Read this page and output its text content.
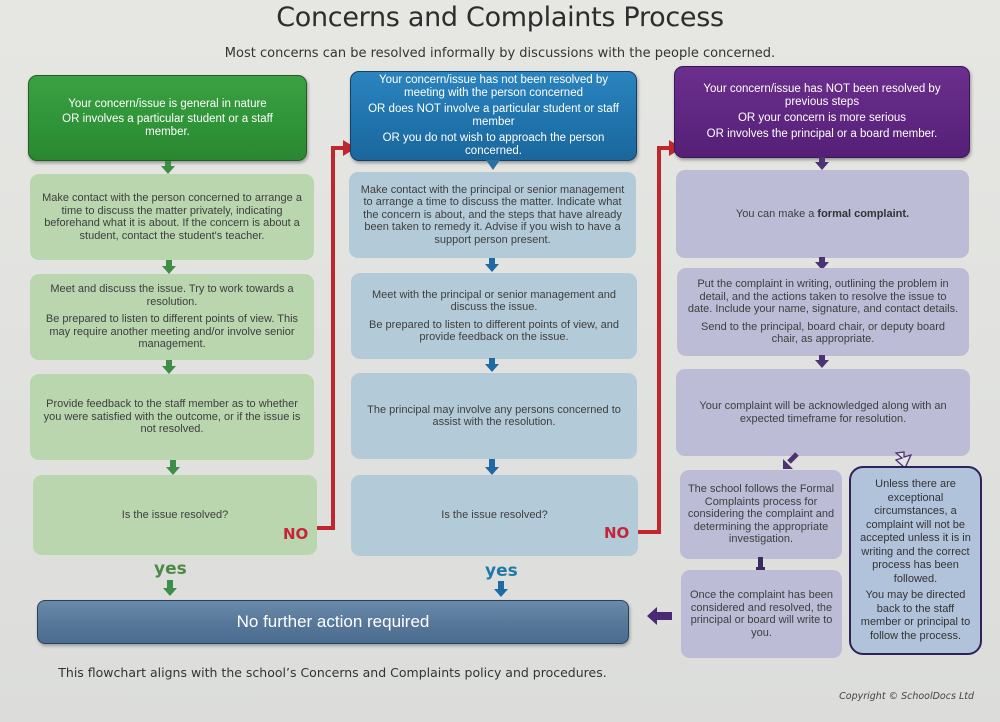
Concerns and Complaints Process
Most concerns can be resolved informally by discussions with the people concerned.

Your concern/issue is general in nature

OR involves a particular student or a staff member.

Make contact with the person concerned to arrange a time to discuss the matter privately, indicating beforehand what it is about. If the concern is about a student, contact the student's teacher.

Meet and discuss the issue. Try to work towards a resolution.

Be prepared to listen to different points of view. This may require another meeting and/or involve senior management.

Provide feedback to the staff member as to whether you were satisfied with the outcome, or if the issue is not resolved.

Is the issue resolved?

NO
yes

Your concern/issue has not been resolved by meeting with the person concerned

OR does NOT involve a particular student or staff member

OR you do not wish to approach the person concerned.

Make contact with the principal or senior management to arrange a time to discuss the matter. Indicate what the concern is about, and the steps that have already been taken to remedy it. Advise if you wish to have a support person present.

Meet with the principal or senior management and discuss the issue.

Be prepared to listen to different points of view, and provide feedback on the issue.

The principal may involve any persons concerned to assist with the resolution.

Is the issue resolved?

NO
yes

Your concern/issue has NOT been resolved by previous steps

OR your concern is more serious

OR involves the principal or a board member.

You can make a formal complaint.

Put the complaint in writing, outlining the problem in detail, and the actions taken to resolve the issue to date. Include your name, signature, and contact details.

Send to the principal, board chair, or deputy board chair, as appropriate.

Your complaint will be acknowledged along with an expected timeframe for resolution.

The school follows the Formal Complaints process for considering the complaint and determining the appropriate investigation.

Once the complaint has been considered and resolved, the principal or board will write to you.

Unless there are exceptional circumstances, a complaint will not be accepted unless it is in writing and the correct process has been followed.

You may be directed back to the staff member or principal to follow the process.

No further action required
This flowchart aligns with the school’s Concerns and Complaints policy and procedures.
Copyright © SchoolDocs Ltd
